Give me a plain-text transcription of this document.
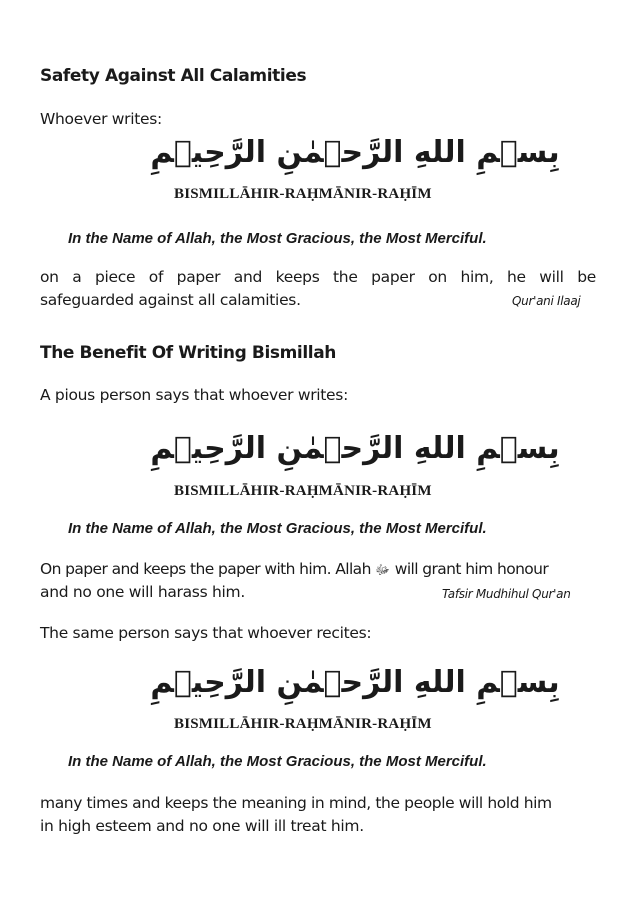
Safety Against All Calamities

Whoever writes:

بِسۡمِ اللهِ الرَّحۡمٰنِ الرَّحِيۡمِ
BISMILLĀHIR-RAḤMĀNIR-RAḤĪM
In the Name of Allah, the Most Gracious, the Most Merciful.

on a piece of paper and keeps the paper on him, he will be

safeguarded against all calamities.	Qur'ani Ilaaj
The Benefit Of Writing Bismillah

A pious person says that whoever writes:

بِسۡمِ اللهِ الرَّحۡمٰنِ الرَّحِيۡمِ
BISMILLĀHIR-RAḤMĀNIR-RAḤĪM
In the Name of Allah, the Most Gracious, the Most Merciful.

On paper and keeps the paper with him. Allah ﷻ will grant him honour

and no one will harass him.	Tafsir Mudhihul Qur'an

The same person says that whoever recites:

بِسۡمِ اللهِ الرَّحۡمٰنِ الرَّحِيۡمِ
BISMILLĀHIR-RAḤMĀNIR-RAḤĪM
In the Name of Allah, the Most Gracious, the Most Merciful.

many times and keeps the meaning in mind, the people will hold him

in high esteem and no one will ill treat him.
